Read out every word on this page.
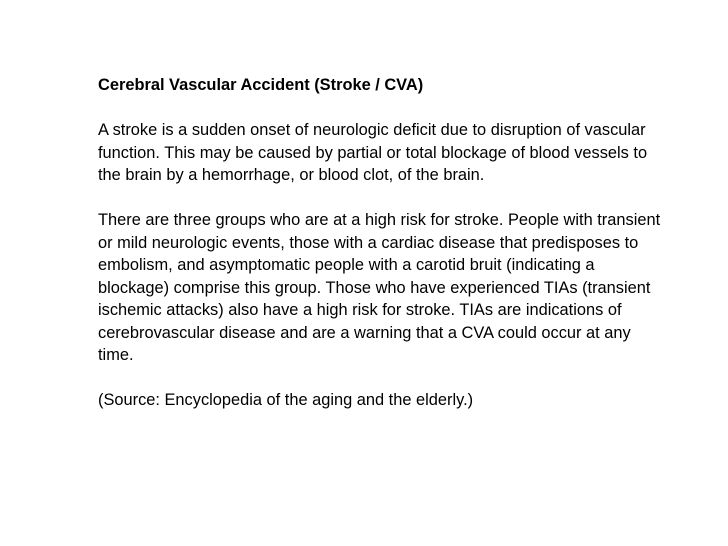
Cerebral Vascular Accident (Stroke / CVA)

A stroke is a sudden onset of neurologic deficit due to disruption of vascular function. This may be caused by partial or total blockage of blood vessels to the brain by a hemorrhage, or blood clot, of the brain.

There are three groups who are at a high risk for stroke. People with transient or mild neurologic events, those with a cardiac disease that predisposes to embolism, and asymptomatic people with a carotid bruit (indicating a blockage) comprise this group. Those who have experienced TIAs (transient ischemic attacks) also have a high risk for stroke. TIAs are indications of cerebrovascular disease and are a warning that a CVA could occur at any time.

(Source: Encyclopedia of the aging and the elderly.)
